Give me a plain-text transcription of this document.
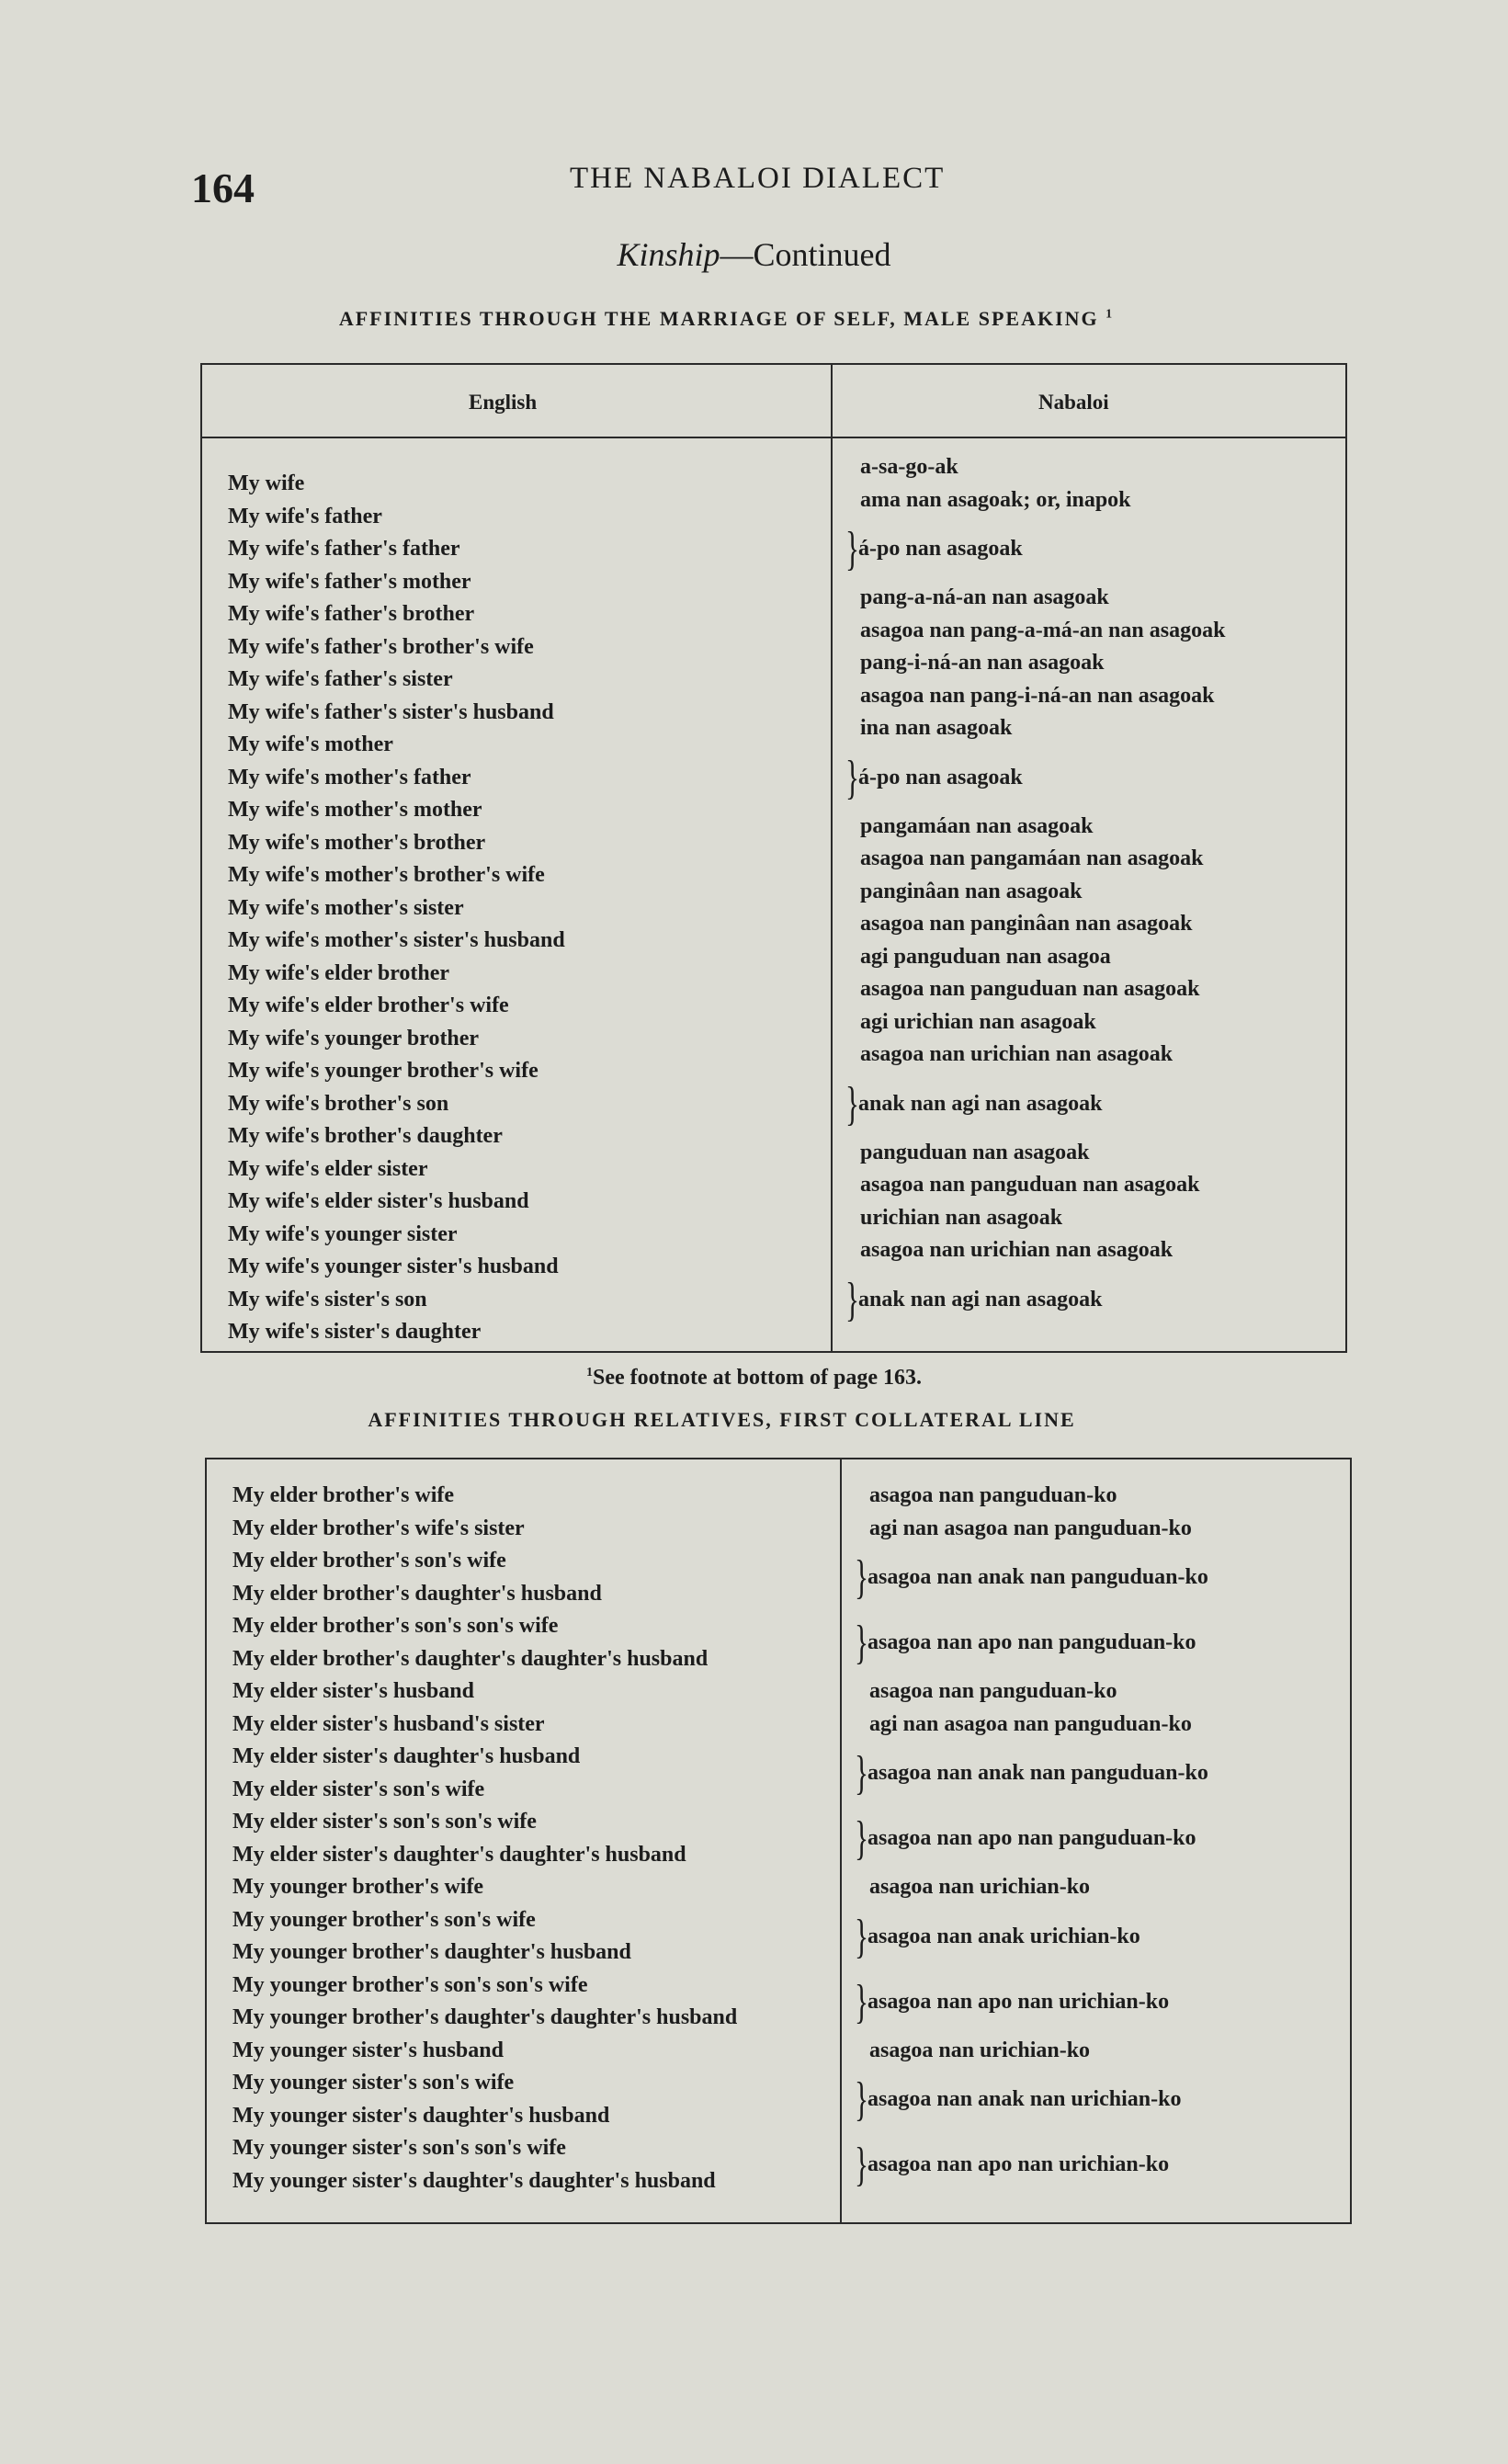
164	THE NABALOI DIALECT
Kinship—Continued
AFFINITIES THROUGH THE MARRIAGE OF SELF, MALE SPEAKING $^1$
English	Nabaloi
My wife
My wife's father
My wife's father's father
My wife's father's mother
My wife's father's brother
My wife's father's brother's wife
My wife's father's sister
My wife's father's sister's husband
My wife's mother
My wife's mother's father
My wife's mother's mother
My wife's mother's brother
My wife's mother's brother's wife
My wife's mother's sister
My wife's mother's sister's husband
My wife's elder brother
My wife's elder brother's wife
My wife's younger brother
My wife's younger brother's wife
My wife's brother's son
My wife's brother's daughter
My wife's elder sister
My wife's elder sister's husband
My wife's younger sister
My wife's younger sister's husband
My wife's sister's son
My wife's sister's daughter
a-sa-go-ak
ama nan asagoak; or, inapok
} á-po nan asagoak
pang-a-ná-an nan asagoak
asagoa nan pang-a-má-an nan asagoak
pang-i-ná-an nan asagoak
asagoa nan pang-i-ná-an nan asagoak
ina nan asagoak
} á-po nan asagoak
pangamáan nan asagoak
asagoa nan pangamáan nan asagoak
panginâan nan asagoak
asagoa nan panginâan nan asagoak
agi panguduan nan asagoa
asagoa nan panguduan nan asagoak
agi urichian nan asagoak
asagoa nan urichian nan asagoak
} anak nan agi nan asagoak
panguduan nan asagoak
asagoa nan panguduan nan asagoak
urichian nan asagoak
asagoa nan urichian nan asagoak
} anak nan agi nan asagoak
$^1$See footnote at bottom of page 163.
AFFINITIES THROUGH RELATIVES, FIRST COLLATERAL LINE
My elder brother's wife
My elder brother's wife's sister
My elder brother's son's wife
My elder brother's daughter's husband
My elder brother's son's son's wife
My elder brother's daughter's daughter's husband
My elder sister's husband
My elder sister's husband's sister
My elder sister's daughter's husband
My elder sister's son's wife
My elder sister's son's son's wife
My elder sister's daughter's daughter's husband
My younger brother's wife
My younger brother's son's wife
My younger brother's daughter's husband
My younger brother's son's son's wife
My younger brother's daughter's daughter's husband
My younger sister's husband
My younger sister's son's wife
My younger sister's daughter's husband
My younger sister's son's son's wife
My younger sister's daughter's daughter's husband
asagoa nan panguduan-ko
agi nan asagoa nan panguduan-ko
} asagoa nan anak nan panguduan-ko
} asagoa nan apo nan panguduan-ko
asagoa nan panguduan-ko
agi nan asagoa nan panguduan-ko
} asagoa nan anak nan panguduan-ko
} asagoa nan apo nan panguduan-ko
asagoa nan urichian-ko
} asagoa nan anak urichian-ko
} asagoa nan apo nan urichian-ko
asagoa nan urichian-ko
} asagoa nan anak nan urichian-ko
} asagoa nan apo nan urichian-ko
